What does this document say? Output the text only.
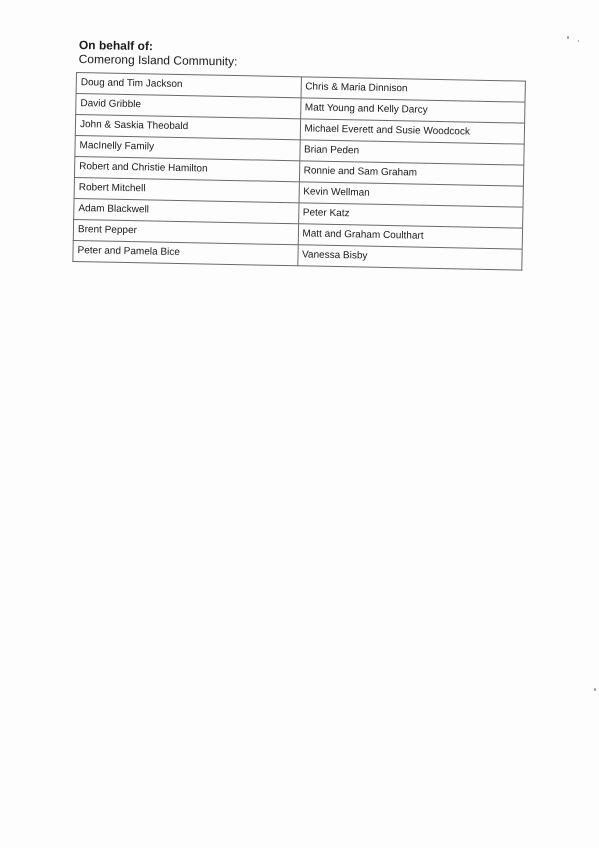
On behalf of:
Comerong Island Community:
Doug and Tim Jackson	Chris & Maria Dinnison
David Gribble	Matt Young and Kelly Darcy
John & Saskia Theobald	Michael Everett and Susie Woodcock
MacInelly Family	Brian Peden
Robert and Christie Hamilton	Ronnie and Sam Graham
Robert Mitchell	Kevin Wellman
Adam Blackwell	Peter Katz
Brent Pepper	Matt and Graham Coulthart
Peter and Pamela Bice	Vanessa Bisby
